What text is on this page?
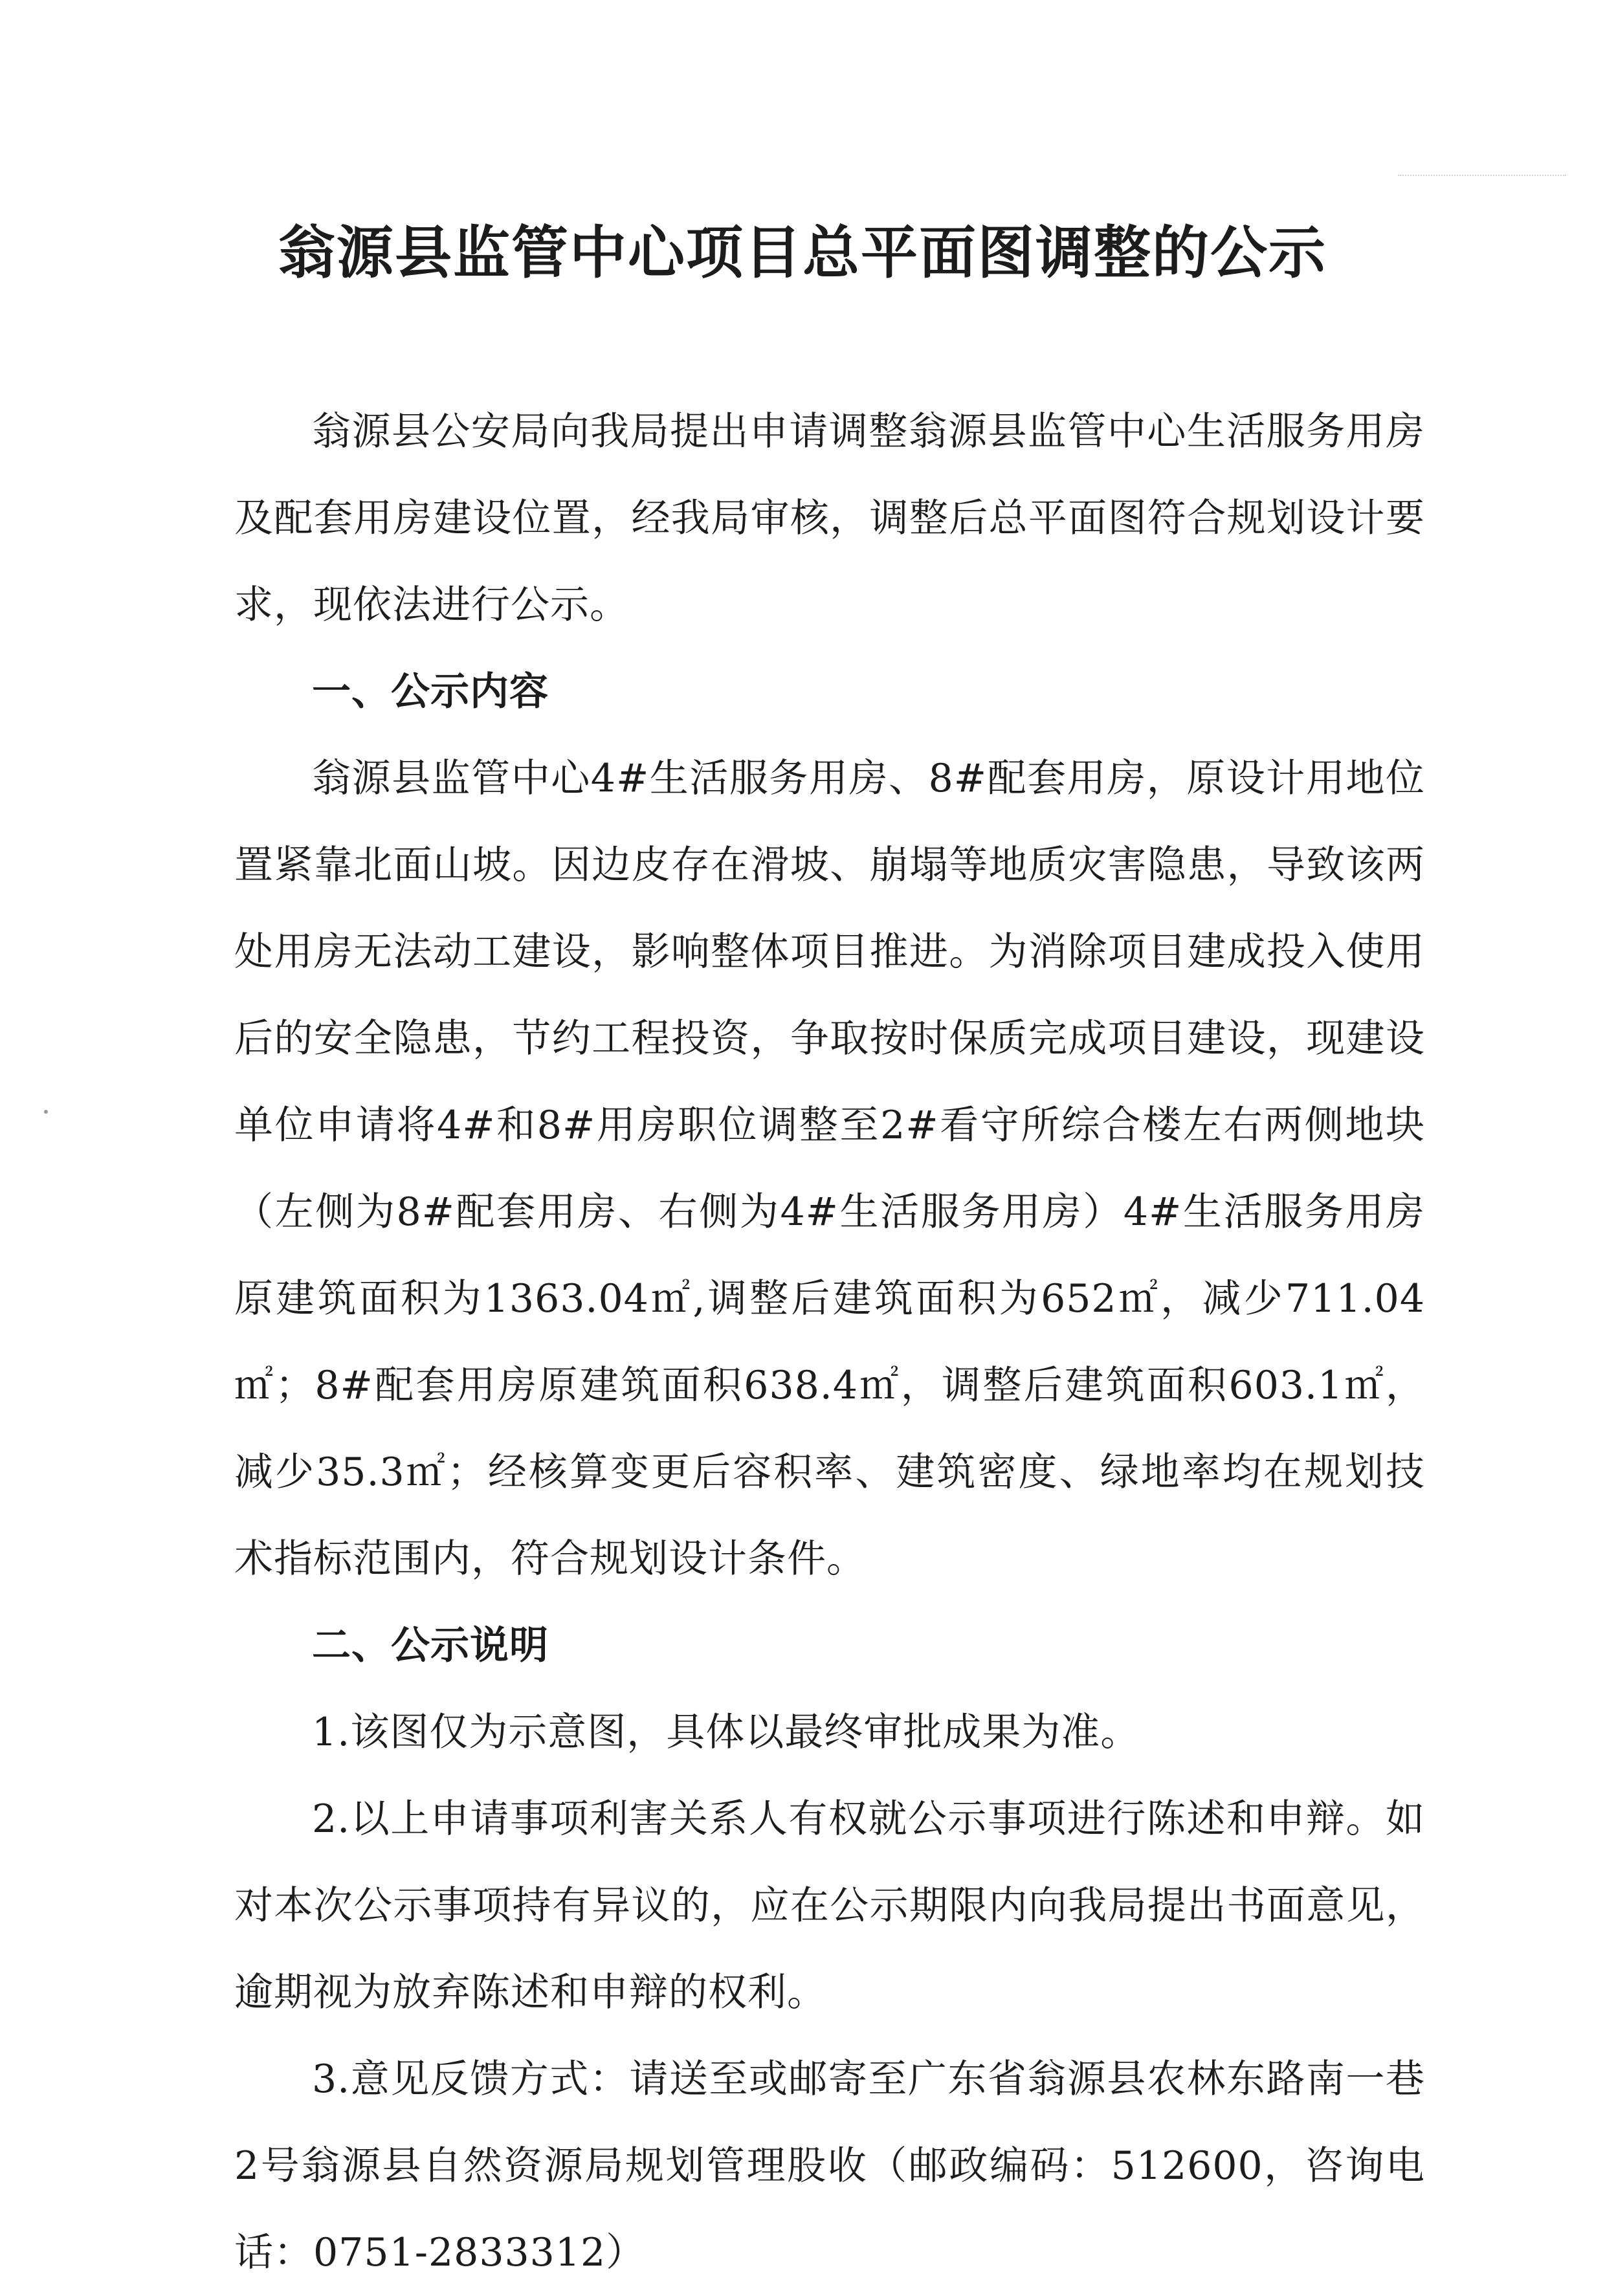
翁源县监管中心项目总平面图调整的公示

翁源县公安局向我局提出申请调整翁源县监管中心生活服务用房及配套用房建设位置，经我局审核，调整后总平面图符合规划设计要求，现依法进行公示。

一、公示内容

翁源县监管中心4#生活服务用房、8#配套用房，原设计用地位置紧靠北面山坡。因边皮存在滑坡、崩塌等地质灾害隐患，导致该两处用房无法动工建设，影响整体项目推进。为消除项目建成投入使用后的安全隐患，节约工程投资，争取按时保质完成项目建设，现建设单位申请将4#和8#用房职位调整至2#看守所综合楼左右两侧地块（左侧为8#配套用房、右侧为4#生活服务用房）4#生活服务用房原建筑面积为1363.04㎡,调整后建筑面积为652㎡，减少711.04㎡；8#配套用房原建筑面积638.4㎡，调整后建筑面积603.1㎡，减少35.3㎡；经核算变更后容积率、建筑密度、绿地率均在规划技术指标范围内，符合规划设计条件。

二、公示说明

1.该图仅为示意图，具体以最终审批成果为准。

2.以上申请事项利害关系人有权就公示事项进行陈述和申辩。如对本次公示事项持有异议的，应在公示期限内向我局提出书面意见，逾期视为放弃陈述和申辩的权利。

3.意见反馈方式：请送至或邮寄至广东省翁源县农林东路南一巷2号翁源县自然资源局规划管理股收（邮政编码：512600，咨询电话：0751-2833312）
